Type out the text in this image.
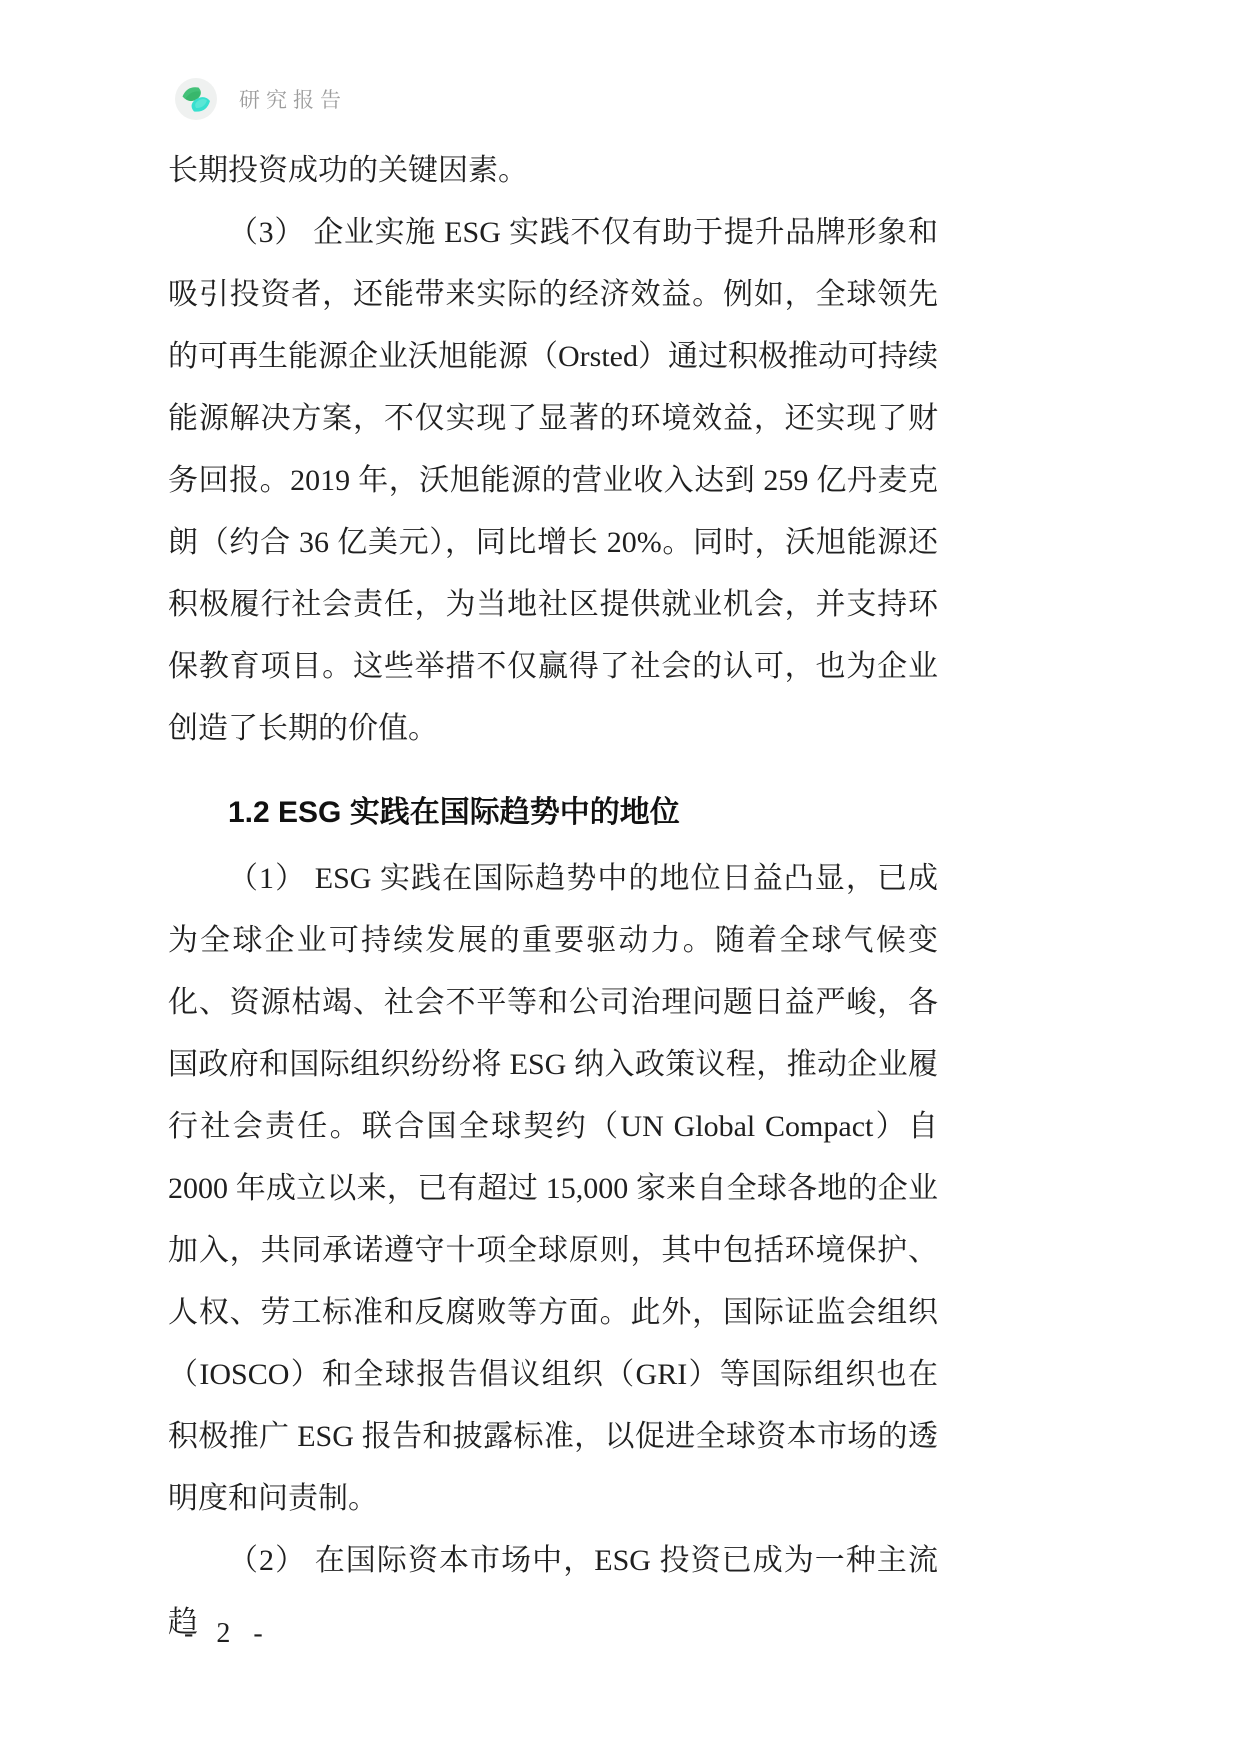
研究报告

长期投资成功的关键因素。

（3） 企业实施 ESG 实践不仅有助于提升品牌形象和吸引投资者，还能带来实际的经济效益。例如，全球领先的可再生能源企业沃旭能源（Orsted）通过积极推动可持续能源解决方案，不仅实现了显著的环境效益，还实现了财务回报。2019 年，沃旭能源的营业收入达到 259 亿丹麦克朗（约合 36 亿美元），同比增长 20%。同时，沃旭能源还积极履行社会责任，为当地社区提供就业机会，并支持环保教育项目。这些举措不仅赢得了社会的认可，也为企业创造了长期的价值。

1.2 ESG 实践在国际趋势中的地位

（1） ESG 实践在国际趋势中的地位日益凸显，已成为全球企业可持续发展的重要驱动力。随着全球气候变化、资源枯竭、社会不平等和公司治理问题日益严峻，各国政府和国际组织纷纷将 ESG 纳入政策议程，推动企业履行社会责任。联合国全球契约（UN Global Compact）自 2000 年成立以来，已有超过 15,000 家来自全球各地的企业加入，共同承诺遵守十项全球原则，其中包括环境保护、人权、劳工标准和反腐败等方面。此外，国际证监会组织（IOSCO）和全球报告倡议组织（GRI）等国际组织也在积极推广 ESG 报告和披露标准，以促进全球资本市场的透明度和问责制。

（2） 在国际资本市场中，ESG 投资已成为一种主流趋

- 2 -
